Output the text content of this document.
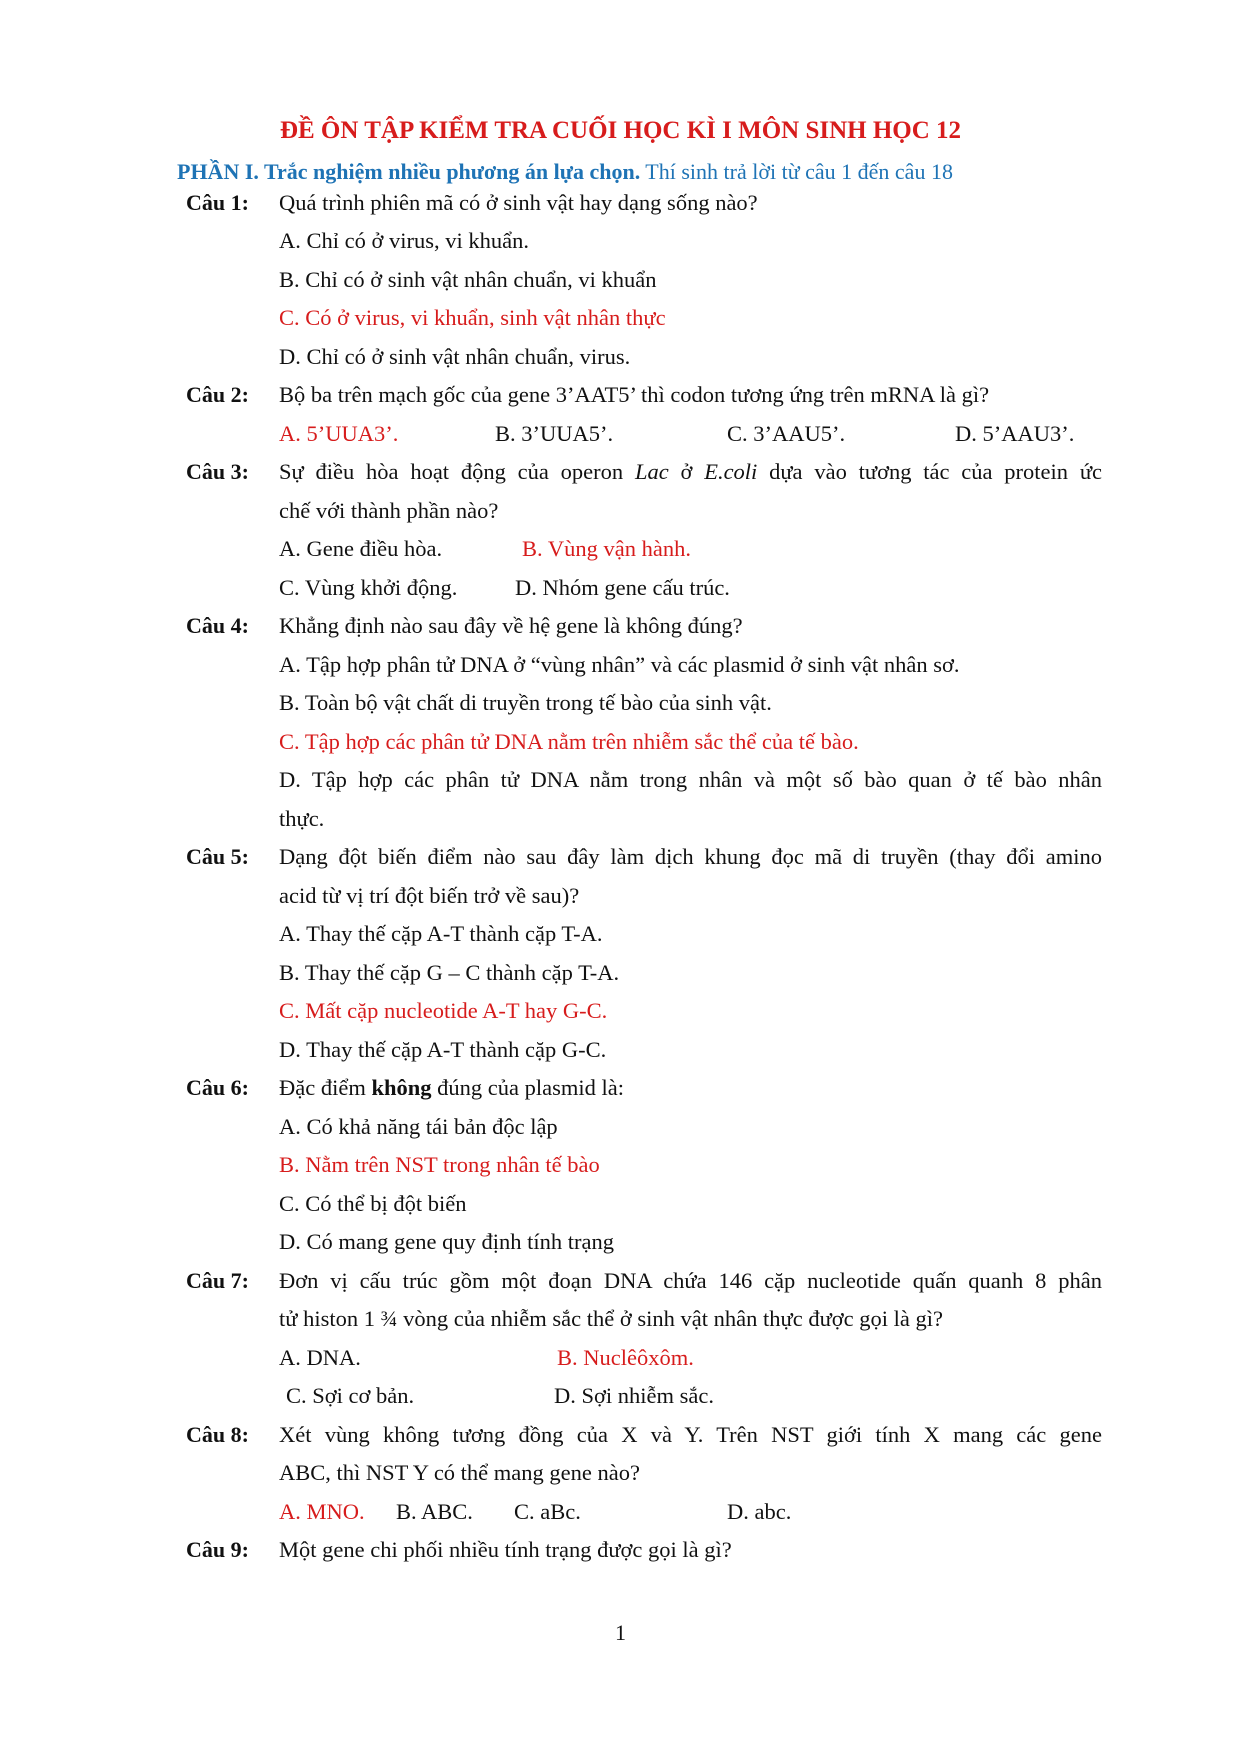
ĐỀ ÔN TẬP KIỂM TRA CUỐI HỌC KÌ I MÔN SINH HỌC 12
PHẦN I. Trắc nghiệm nhiều phương án lựa chọn. Thí sinh trả lời từ câu 1 đến câu 18
Câu 1: Quá trình phiên mã có ở sinh vật hay dạng sống nào?
A. Chỉ có ở virus, vi khuẩn.
B. Chỉ có ở sinh vật nhân chuẩn, vi khuẩn
C. Có ở virus, vi khuẩn, sinh vật nhân thực
D. Chỉ có ở sinh vật nhân chuẩn, virus.
Câu 2: Bộ ba trên mạch gốc của gene 3’AAT5’ thì codon tương ứng trên mRNA là gì?
A. 5’UUA3’.	B. 3’UUA5’.	C. 3’AAU5’.	D. 5’AAU3’.
Câu 3: Sự điều hòa hoạt động của operon Lac ở E.coli dựa vào tương tác của protein ức
chế với thành phần nào?
A. Gene điều hòa.	B. Vùng vận hành.
C. Vùng khởi động.	D. Nhóm gene cấu trúc.
Câu 4: Khẳng định nào sau đây về hệ gene là không đúng?
A. Tập hợp phân tử DNA ở “vùng nhân” và các plasmid ở sinh vật nhân sơ.
B. Toàn bộ vật chất di truyền trong tế bào của sinh vật.
C. Tập hợp các phân tử DNA nằm trên nhiễm sắc thể của tế bào.
D. Tập hợp các phân tử DNA nằm trong nhân và một số bào quan ở tế bào nhân
thực.
Câu 5: Dạng đột biến điểm nào sau đây làm dịch khung đọc mã di truyền (thay đổi amino
acid từ vị trí đột biến trở về sau)?
A. Thay thế cặp A-T thành cặp T-A.
B. Thay thế cặp G – C thành cặp T-A.
C. Mất cặp nucleotide A-T hay G-C.
D. Thay thế cặp A-T thành cặp G-C.
Câu 6: Đặc điểm không đúng của plasmid là:
A. Có khả năng tái bản độc lập
B. Nằm trên NST trong nhân tế bào
C. Có thể bị đột biến
D. Có mang gene quy định tính trạng
Câu 7: Đơn vị cấu trúc gồm một đoạn DNA chứa 146 cặp nucleotide quấn quanh 8 phân
tử histon 1 ¾ vòng của nhiễm sắc thể ở sinh vật nhân thực được gọi là gì?
A. DNA.	B. Nuclêôxôm.
C. Sợi cơ bản.	D. Sợi nhiễm sắc.
Câu 8: Xét vùng không tương đồng của X và Y. Trên NST giới tính X mang các gene
ABC, thì NST Y có thể mang gene nào?
A. MNO. B. ABC. C. aBc.	D. abc.
Câu 9: Một gene chi phối nhiều tính trạng được gọi là gì?
1
